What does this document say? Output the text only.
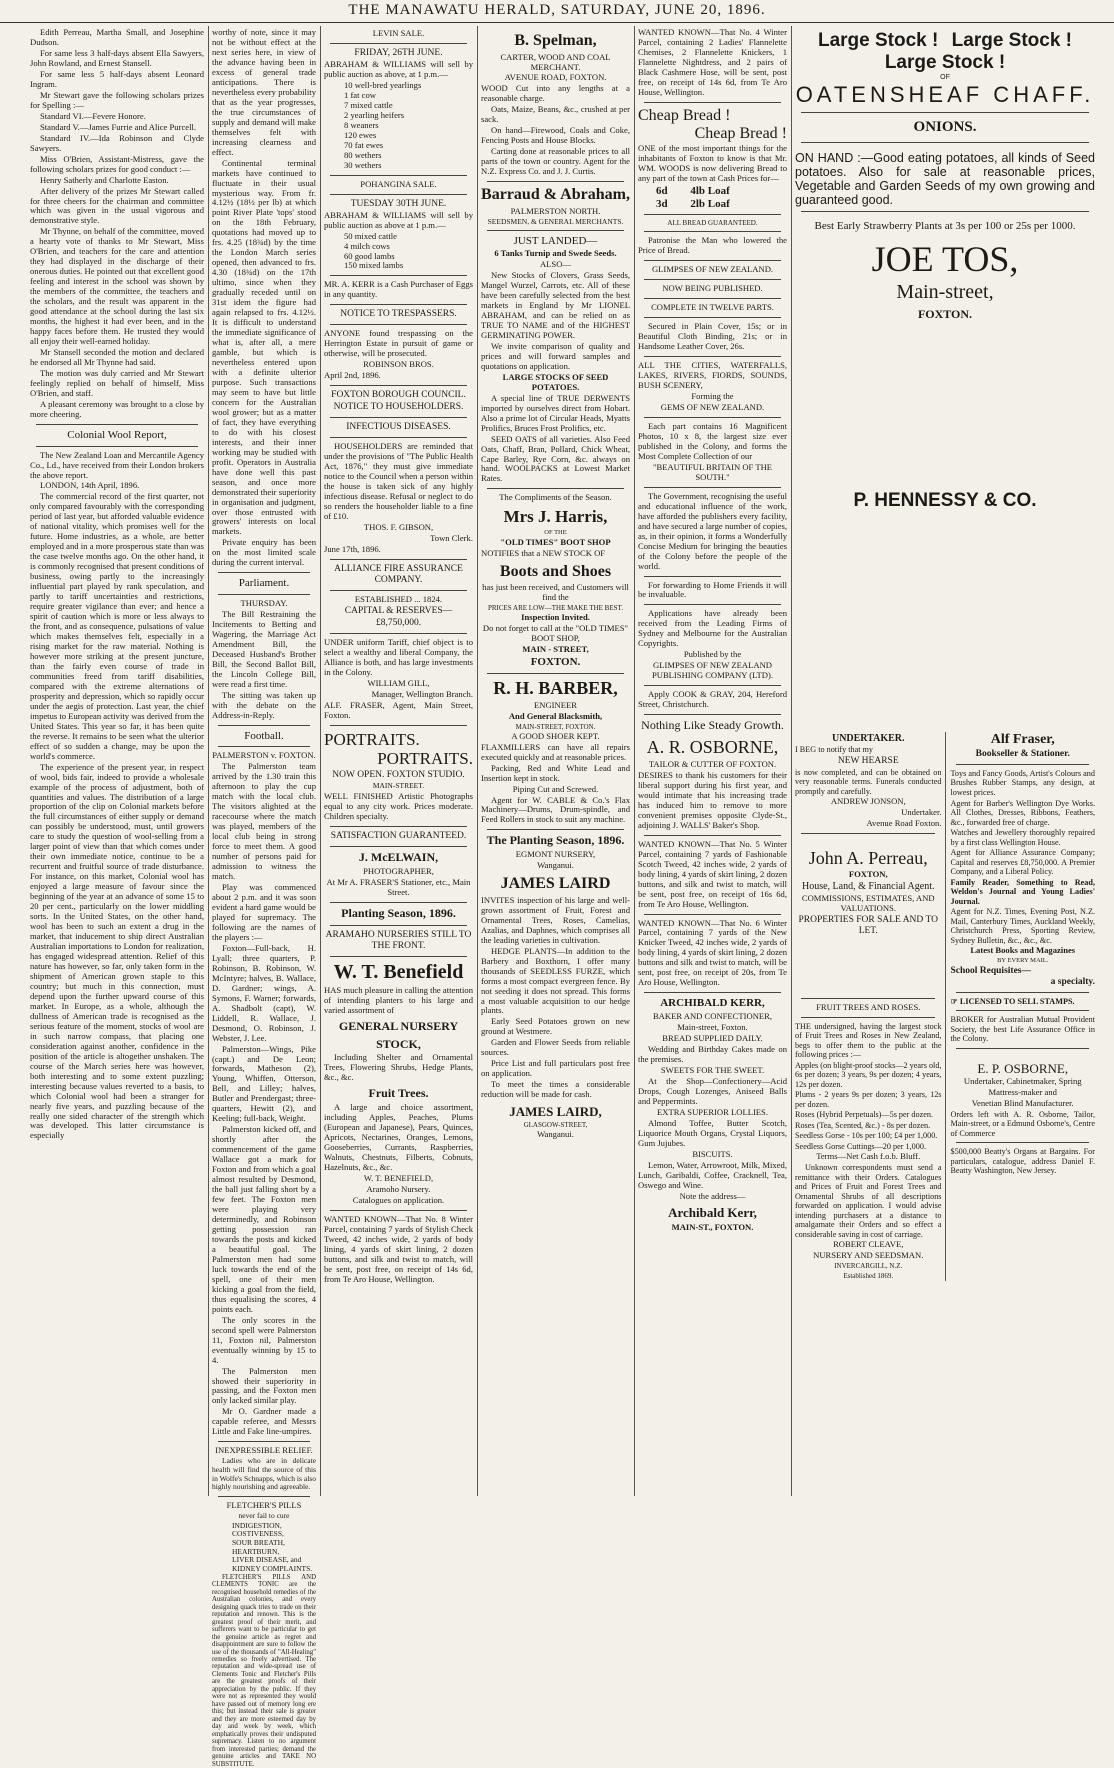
THE MANAWATU HERALD, SATURDAY, JUNE 20, 1896.

Edith Perreau, Martha Small, and Josephine Dudson.

For same less 3 half-days absent Ella Sawyers, John Rowland, and Ernest Stansell.

For same less 5 half-days absent Leonard Ingram.

Mr Stewart gave the following scholars prizes for Spelling :—

Standard VI.—Fevere Honore.

Standard V.—James Furrie and Alice Purcell.

Standard IV.—Ida Robinson and Clyde Sawyers.

Miss O'Brien, Assistant-Mistress, gave the following scholars prizes for good conduct :—

Henry Satherly and Charlotte Easton.

After delivery of the prizes Mr Stewart called for three cheers for the chairman and committee which was given in the usual vigorous and demonstrative style.

Mr Thynne, on behalf of the committee, moved a hearty vote of thanks to Mr Stewart, Miss O'Brien, and teachers for the care and attention they had displayed in the discharge of their onerous duties. He pointed out that excellent good feeling and interest in the school was shown by the members of the committee, the teachers and the scholars, and the result was apparent in the good attendance at the school during the last six months, the highest it had ever been, and in the happy faces before them. He trusted they would all enjoy their well-earned holiday.

Mr Stansell seconded the motion and declared he endorsed all Mr Thynne had said.

The motion was duly carried and Mr Stewart feelingly replied on behalf of himself, Miss O'Brien, and staff.

A pleasant ceremony was brought to a close by more cheering.

Colonial Wool Report,

The New Zealand Loan and Mercantile Agency Co., Ld., have received from their London brokers the above report.

LONDON, 14th April, 1896.

The commercial record of the first quarter, not only compared favourably with the corresponding period of last year, but afforded valuable evidence of national vitality, which promises well for the future. Home industries, as a whole, are better employed and in a more prosperous state than was the case twelve months ago. On the other hand, it is commonly recognised that present conditions of business, owing partly to the increasingly influential part played by rank speculation, and partly to tariff uncertainties and restrictions, require greater vigilance than ever; and hence a spirit of caution which is more or less always to the front, and as consequence, pulsations of value which makes themselves felt, especially in a rising market for the raw material. Nothing is however more striking at the present juncture, than the fairly even course of trade in communities freed from tariff disabilities, compared with the extreme alternations of prosperity and depression, which so rapidly occur under the aegis of protection. Last year, the chief impetus to European activity was derived from the United States. This year so far, it has been quite the reverse. It remains to be seen what the ulterior effect of so sudden a change, may be upon the world's commerce.

The experience of the present year, in respect of wool, bids fair, indeed to provide a wholesale example of the process of adjustment, both of quantities and values. The distribution of a large proportion of the clip on Colonial markets before the full circumstances of either supply or demand can possibly be understood, must, until growers care to study the question of wool-selling from a larger point of view than that which comes under their own immediate notice, continue to be a recurrent and fruitful source of trade disturbance. For instance, on this market, Colonial wool has enjoyed a large measure of favour since the beginning of the year at an advance of some 15 to 20 per cent., particularly on the lower middling sorts. In the United States, on the other hand, wool has been to such an extent a drug in the market, that inducement to ship direct Australian Australian importations to London for realization, has engaged widespread attention. Relief of this nature has however, so far, only taken form in the shipment of American grown staple to this country; but much in this connection, must depend upon the further upward course of this market. In Europe, as a whole, although the dullness of American trade is recognised as the serious feature of the moment, stocks of wool are in such narrow compass, that placing one consideration against another, confidence in the position of the article is altogether unshaken. The course of the March series here was however, both interesting and to some extent puzzling; interesting because values reverted to a basis, to which Colonial wool had been a stranger for nearly five years, and puzzling because of the really one sided character of the strength which was developed. This latter circumstance is especially

worthy of note, since it may not be without effect at the next series here, in view of the advance having been in excess of general trade anticipations. There is nevertheless every probability that as the year progresses, the true circumstances of supply and demand will make themselves felt with increasing clearness and effect.

Continental terminal markets have continued to fluctuate in their usual mysterious way. From fr. 4.12½ (18½ per lb) at which point River Plate 'tops' stood on the 18th February, quotations had moved up to frs. 4.25 (18¾d) by the time the London March series opened, then advanced to frs. 4.30 (18¾d) on the 17th ultimo, since when they gradually receded until on 31st idem the figure had again relapsed to frs. 4.12½. It is difficult to understand the immediate significance of what is, after all, a mere gamble, but which is nevertheless entered upon with a definite ulterior purpose. Such transactions may seem to have but little concern for the Australian wool grower; but as a matter of fact, they have everything to do with his closest interests, and their inner working may be studied with profit. Operators in Australia have done well this past season, and once more demonstrated their superiority in organisation and judgment, over those entrusted with growers' interests on local markets.

Private enquiry has been on the most limited scale during the current interval.

Parliament.
THURSDAY.

The Bill Restraining the Incitements to Betting and Wagering, the Marriage Act Amendment Bill, the Deceased Husband's Brother Bill, the Second Ballot Bill, the Lincoln College Bill, were read a first time.

The sitting was taken up with the debate on the Address-in-Reply.

Football.
PALMERSTON v. FOXTON.

The Palmerston team arrived by the 1.30 train this afternoon to play the cup match with the local club. The visitors alighted at the racecourse where the match was played, members of the local club being in strong force to meet them. A good number of persons paid for admission to witness the match.

Play was commenced about 2 p.m. and it was soon evident a hard game would be played for supremacy. The following are the names of the players :—

Foxton—Full-back, H. Lyall; three quarters, P. Robinson, B. Robinson, W. McIntyre; halves, B. Wallace, D. Gardner; wings, A. Symons, F. Warner; forwards, A. Shadbolt (capt), W. Liddell, R. Wallace, J. Desmond, O. Robinson, J. Webster, J. Lee.

Palmerston—Wings, Pike (capt.) and De Leon; forwards, Matheson (2), Young, Whiffen, Otterson, Bell, and Lilley; halves, Butler and Prendergast; three-quarters, Hewitt (2), and Keeling; full-back, Weight.

Palmerston kicked off, and shortly after the commencement of the game Wallace got a mark for Foxton and from which a goal almost resulted by Desmond, the ball just falling short by a few feet. The Foxton men were playing very determinedly, and Robinson getting possession ran towards the posts and kicked a beautiful goal. The Palmerston men had some luck towards the end of the spell, one of their men kicking a goal from the field, thus equalising the scores, 4 points each.

The only scores in the second spell were Palmerston 11, Foxton nil, Palmerston eventually winning by 15 to 4.

The Palmerston men showed their superiority in passing, and the Foxton men only lacked similar play.

Mr O. Gardner made a capable referee, and Messrs Little and Fake line-umpires.

INEXPRESSIBLE RELIEF.

Ladies who are in delicate health will find the source of this in Wolfe's Schnapps, which is also highly nourishing and agreeable.

FLETCHER'S PILLS
never fail to cure
INDIGESTION,
COSTIVENESS,
SOUR BREATH,
HEARTBURN,
LIVER DISEASE, and
KIDNEY COMPLAINTS.

FLETCHER'S PILLS AND CLEMENTS TONIC are the recognised household remedies of the Australian colonies, and every designing quack tries to trade on their reputation and renown. This is the greatest proof of their merit, and sufferers want to be particular to get the genuine article as regret and disappointment are sure to follow the use of the thousands of "All-Healing" remedies so freely advertised. The reputation and wide-spread use of Clements Tonic and Fletcher's Pills are the greatest proofs of their appreciation by the public. If they were not as represented they would have passed out of memory long ere this; but instead their sale is greater and they are more esteemed day by day and week by week, which emphatically proves their undisputed supremacy. Listen to no argument from interested parties; demand the genuine articles and TAKE NO SUBSTITUTE.

LEVIN SALE.
FRIDAY, 26TH JUNE.

ABRAHAM & WILLIAMS will sell by public auction as above, at 1 p.m.—

10 well-bred yearlings
1 fat cow
7 mixed cattle
2 yearling heifers
8 weaners
120 ewes
70 fat ewes
80 wethers
30 wethers
POHANGINA SALE.
TUESDAY 30TH JUNE.

ABRAHAM & WILLIAMS will sell by public auction as above at 1 p.m.—

50 mixed cattle
4 milch cows
60 good lambs
150 mixed lambs

MR. A. KERR is a Cash Purchaser of Eggs in any quantity.

NOTICE TO TRESPASSERS.

ANYONE found trespassing on the Herrington Estate in pursuit of game or otherwise, will be prosecuted.

ROBINSON BROS.

April 2nd, 1896.

FOXTON BOROUGH COUNCIL.
NOTICE TO HOUSEHOLDERS.
INFECTIOUS DISEASES.

HOUSEHOLDERS are reminded that under the provisions of "The Public Health Act, 1876," they must give immediate notice to the Council when a person within the house is taken sick of any highly infectious disease. Refusal or neglect to do so renders the householder liable to a fine of £10.

THOS. F. GIBSON,
Town Clerk.

June 17th, 1896.

ALLIANCE FIRE ASSURANCE COMPANY.
ESTABLISHED ... 1824.
CAPITAL & RESERVES—
£8,750,000.

UNDER uniform Tariff, chief object is to select a wealthy and liberal Company, the Alliance is both, and has large investments in the Colony.

WILLIAM GILL,
Manager, Wellington Branch.

ALF. FRASER, Agent, Main Street, Foxton.

PORTRAITS.
PORTRAITS.
NOW OPEN. FOXTON STUDIO.
MAIN-STREET.

WELL FINISHED Artistic Photographs equal to any city work. Prices moderate. Children specialty.

SATISFACTION GUARANTEED.
J. McELWAIN,
PHOTOGRAPHER,
At Mr A. FRASER'S Stationer, etc., Main Street.
Planting Season, 1896.
ARAMAHO NURSERIES STILL TO THE FRONT.
W. T. Benefield

HAS much pleasure in calling the attention of intending planters to his large and varied assortment of

GENERAL NURSERY
STOCK,

Including Shelter and Ornamental Trees, Flowering Shrubs, Hedge Plants, &c., &c.

Fruit Trees.

A large and choice assortment, including Apples, Peaches, Plums (European and Japanese), Pears, Quinces, Apricots, Nectarines, Oranges, Lemons, Gooseberries, Currants, Raspberries, Walnuts, Chestnuts, Filberts, Cobnuts, Hazelnuts, &c., &c.

W. T. BENEFIELD,
Aramoho Nursery.
Catalogues on application.

WANTED KNOWN—That No. 8 Winter Parcel, containing 7 yards of Stylish Check Tweed, 42 inches wide, 2 yards of body lining, 4 yards of skirt lining, 2 dozen buttons, and silk and twist to match, will be sent, post free, on receipt of 14s 6d, from Te Aro House, Wellington.

B. Spelman,
CARTER, WOOD AND COAL MERCHANT.
AVENUE ROAD, FOXTON.

WOOD Cut into any lengths at a reasonable charge.

Oats, Maize, Beans, &c., crushed at per sack.

On hand—Firewood, Coals and Coke, Fencing Posts and House Blocks.

Carting done at reasonable prices to all parts of the town or country. Agent for the N.Z. Express Co. and J. J. Curtis.

Barraud & Abraham,
PALMERSTON NORTH.
SEEDSMEN, & GENERAL MERCHANTS.
JUST LANDED—
6 Tanks Turnip and Swede Seeds.
ALSO—

New Stocks of Clovers, Grass Seeds, Mangel Wurzel, Carrots, etc. All of these have been carefully selected from the best markets in England by Mr LIONEL ABRAHAM, and can be relied on as TRUE TO NAME and of the HIGHEST GERMINATING POWER.

We invite comparison of quality and prices and will forward samples and quotations on application.

LARGE STOCKS OF SEED POTATOES.

A special line of TRUE DERWENTS imported by ourselves direct from Hobart. Also a prime lot of Circular Heads, Myatts Prolifics, Bruces Frost Prolifics, etc.

SEED OATS of all varieties. Also Feed Oats, Chaff, Bran, Pollard, Chick Wheat, Cape Barley, Rye Corn, &c. always on hand. WOOLPACKS at Lowest Market Rates.

The Compliments of the Season.
Mrs J. Harris,
OF THE
"OLD TIMES" BOOT SHOP

NOTIFIES that a NEW STOCK OF

Boots and Shoes
has just been received, and Customers will find the
PRICES ARE LOW—THE MAKE THE BEST.
Inspection Invited.
Do not forget to call at the "OLD TIMES" BOOT SHOP,
MAIN - STREET,
FOXTON.
R. H. BARBER,
ENGINEER
And General Blacksmith,
MAIN-STREET, FOXTON.
A GOOD SHOER KEPT.

FLAXMILLERS can have all repairs executed quickly and at reasonable prices.

Packing, Red and White Lead and Insertion kept in stock.

Piping Cut and Screwed.

Agent for W. CABLE & Co.'s Flax Machinery—Drums, Drum-spindle, and Feed Rollers in stock to suit any machine.

The Planting Season, 1896.
EGMONT NURSERY,
Wanganui.
JAMES LAIRD

INVITES inspection of his large and well-grown assortment of Fruit, Forest and Ornamental Trees, Roses, Camelias, Azalias, and Daphnes, which comprises all the leading varieties in cultivation.

HEDGE PLANTS—In addition to the Barbery and Boxthorn, I offer many thousands of SEEDLESS FURZE, which forms a most compact evergreen fence. By not seeding it does not spread. This forms a most valuable acquisition to our hedge plants.

Early Seed Potatoes grown on new ground at Westmere.

Garden and Flower Seeds from reliable sources.

Price List and full particulars post free on application.

To meet the times a considerable reduction will be made for cash.

JAMES LAIRD,
GLASGOW-STREET,
Wanganui.

WANTED KNOWN—That No. 4 Winter Parcel, containing 2 Ladies' Flannelette Chemises, 2 Flannelette Knickers, 1 Flannelette Nightdress, and 2 pairs of Black Cashmere Hose, will be sent, post free, on receipt of 14s 6d, from Te Aro House, Wellington.

Cheap Bread !
Cheap Bread !

ONE of the most important things for the inhabitants of Foxton to know is that Mr. WM. WOODS is now delivering Bread to any part of the town at Cash Prices for—

6d 4lb Loaf
3d 2lb Loaf
ALL BREAD GUARANTEED.

Patronise the Man who lowered the Price of Bread.

GLIMPSES OF NEW ZEALAND.
NOW BEING PUBLISHED.
COMPLETE IN TWELVE PARTS.

Secured in Plain Cover, 15s; or in Beautiful Cloth Binding, 21s; or in Handsome Leather Cover, 26s.

ALL THE CITIES, WATERFALLS, LAKES, RIVERS, FIORDS, SOUNDS, BUSH SCENERY,

Forming the
GEMS OF NEW ZEALAND.

Each part contains 16 Magnificent Photos, 10 x 8, the largest size ever published in the Colony, and forms the Most Complete Collection of our

"BEAUTIFUL BRITAIN OF THE SOUTH."

The Government, recognising the useful and educational influence of the work, have afforded the publishers every facility, and have secured a large number of copies, as, in their opinion, it forms a Wonderfully Concise Medium for bringing the beauties of the Colony before the people of the world.

For forwarding to Home Friends it will be invaluable.

Applications have already been received from the Leading Firms of Sydney and Melbourne for the Australian Copyrights.

Published by the
GLIMPSES OF NEW ZEALAND PUBLISHING COMPANY (LTD).

Apply COOK & GRAY, 204, Hereford Street, Christchurch.

Nothing Like Steady Growth.
A. R. OSBORNE,
TAILOR & CUTTER OF FOXTON.

DESIRES to thank his customers for their liberal support during his first year, and would intimate that his increasing trade has induced him to remove to more convenient premises opposite Clyde-St., adjoining J. WALLS' Baker's Shop.

WANTED KNOWN—That No. 5 Winter Parcel, containing 7 yards of Fashionable Scotch Tweed, 42 inches wide, 2 yards of body lining, 4 yards of skirt lining, 2 dozen buttons, and silk and twist to match, will be sent, post free, on receipt of 16s 6d, from Te Aro House, Wellington.

WANTED KNOWN—That No. 6 Winter Parcel, containing 7 yards of the New Knicker Tweed, 42 inches wide, 2 yards of body lining, 4 yards of skirt lining, 2 dozen buttons and silk and twist to match, will be sent, post free, on receipt of 20s, from Te Aro House, Wellington.

ARCHIBALD KERR,
BAKER AND CONFECTIONER,
Main-street, Foxton.
BREAD SUPPLIED DAILY.

Wedding and Birthday Cakes made on the premises.

SWEETS FOR THE SWEET.

At the Shop—Confectionery—Acid Drops, Cough Lozenges, Aniseed Balls and Peppermints.

EXTRA SUPERIOR LOLLIES.

Almond Toffee, Butter Scotch, Liquorice Mouth Organs, Crystal Liquors, Gum Jujubes.

BISCUITS.

Lemon, Water, Arrowroot, Milk, Mixed, Lunch, Garibaldi, Coffee, Cracknell, Tea, Oswego and Wine.

Note the address—
Archibald Kerr,
MAIN-ST., FOXTON.
Large Stock ! Large Stock !
Large Stock !
OF
OATENSHEAF CHAFF.
ONIONS.

ON HAND :—Good eating potatoes, all kinds of Seed potatoes. Also for sale at reasonable prices, Vegetable and Garden Seeds of my own growing and guaranteed good.

Best Early Strawberry Plants at 3s per 100 or 25s per 1000.
JOE TOS,
Main-street,
FOXTON.
P. HENNESSY & CO.
UNDERTAKER.

I BEG to notify that my

NEW HEARSE

is now completed, and can be obtained on very reasonable terms. Funerals conducted promptly and carefully.

ANDREW JONSON,
Undertaker.
Avenue Road Foxton.
John A. Perreau,
FOXTON,
House, Land, & Financial Agent.
COMMISSIONS, ESTIMATES, AND VALUATIONS.
PROPERTIES FOR SALE AND TO LET.
FRUIT TREES AND ROSES.

THE undersigned, having the largest stock of Fruit Trees and Roses in New Zealand, begs to offer them to the public at the following prices :—

Apples (on blight-proof stocks—2 years old, 6s per dozen; 3 years, 9s per dozen; 4 years, 12s per dozen.

Plums - 2 years 9s per dozen; 3 years, 12s per dozen.

Roses (Hybrid Perpetuals)—5s per dozen.

Roses (Tea, Scented, &c.) - 8s per dozen.

Seedless Gorse - 10s per 100; £4 per 1,000.

Seedless Gorse Cuttings—20 per 1,000.

Terms—Net Cash f.o.b. Bluff.

Unknown correspondents must send a remittance with their Orders. Catalogues and Prices of Fruit and Forest Trees and Ornamental Shrubs of all descriptions forwarded on application. I would advise intending purchasers at a distance to amalgamate their Orders and so effect a considerable saving in cost of carriage.

ROBERT CLEAVE,
NURSERY AND SEEDSMAN.
INVERCARGILL, N.Z.
Established 1869.
Alf Fraser,
Bookseller & Stationer.

Toys and Fancy Goods, Artist's Colours and Brushes Rubber Stamps, any design, at lowest prices.

Agent for Barber's Wellington Dye Works. All Clothes, Dresses, Ribbons, Feathers, &c., forwarded free of charge.

Watches and Jewellery thoroughly repaired by a first class Wellington House.

Agent for Alliance Assurance Company; Capital and reserves £8,750,000. A Premier Company, and a Liberal Policy.

Family Reader, Something to Read, Weldon's Journal and Young Ladies' Journal.

Agent for N.Z. Times, Evening Post, N.Z. Mail, Canterbury Times, Auckland Weekly, Christchurch Press, Sporting Review, Sydney Bulletin, &c., &c., &c.

Latest Books and Magazines
BY EVERY MAIL.
School Requisites—
a specialty.
☞ LICENSED TO SELL STAMPS.

BROKER for Australian Mutual Provident Society, the best Life Assurance Office in the Colony.

E. P. OSBORNE,
Undertaker, Cabinetmaker, Spring
Mattress-maker and
Venetian Blind Manufacturer.

Orders left with A. R. Osborne, Tailor, Main-street, or a Edmund Osborne's, Centre of Commerce

$500,000 Beatty's Organs at Bargains. For particulars, catalogue, address Daniel F. Beatty Washington, New Jersey.
